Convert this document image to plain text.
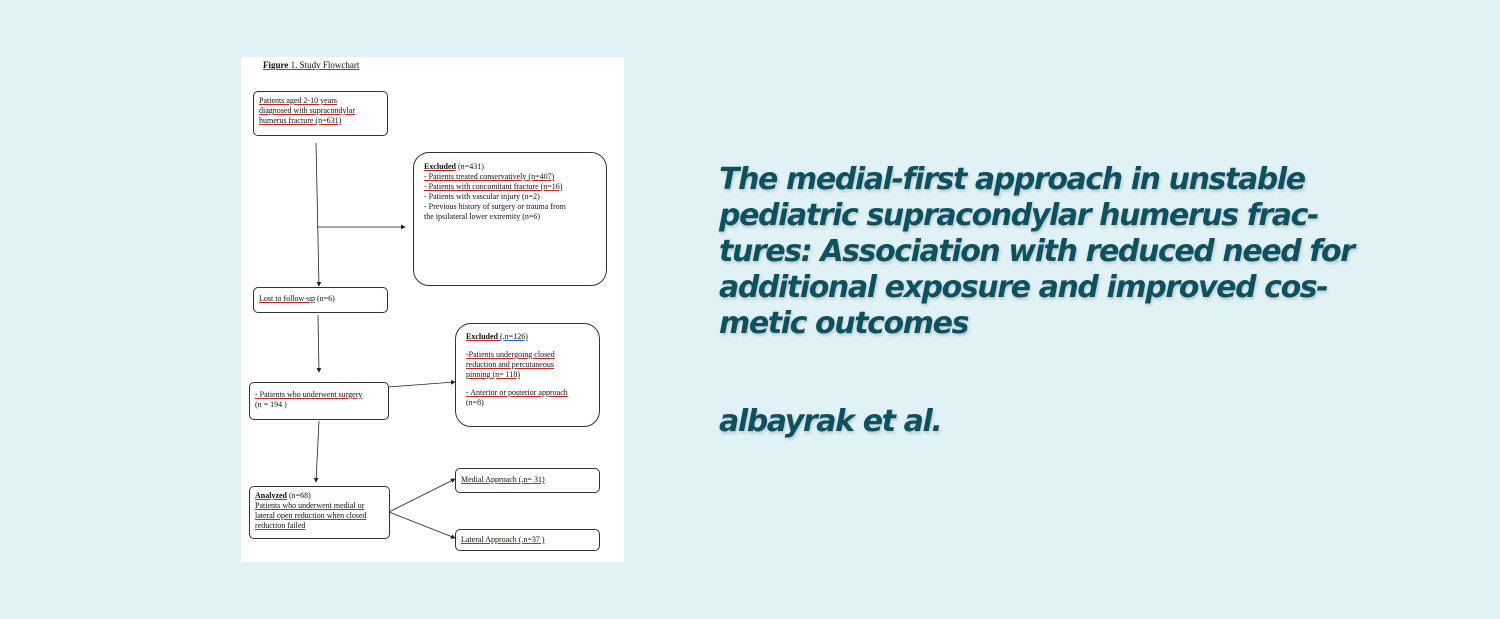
Figure 1. Study Flowchart
Patients aged 2-10 years
diagnosed with supracondylar
humerus fracture (n=631)
Excluded (n=431)
- Patients treated conservatively (n=407)
- Patients with concomitant fracture (n=16)
- Patients with vascular injury (n=2)
- Previous history of surgery or trauma from
the ipsilateral lower extremity (n=6)
Lost to follow-up (n=6)
- Patients who underwent surgery
(n = 194 )
Excluded (.n=126)
-Patients undergoing closed
reduction and percutaneous
pinning (n= 118)
- Anterior or posterior approach
(n=8)
Analyzed (n=68)
Patients who underwent medial or
lateral open reduction when closed
reduction failed
Medial Approach (.n= 31)
Lateral Approach (.n=37 )
The medial-first approach in unstable
pediatric supracondylar humerus frac-
tures: Association with reduced need for
additional exposure and improved cos-
metic outcomes
albayrak et al.
